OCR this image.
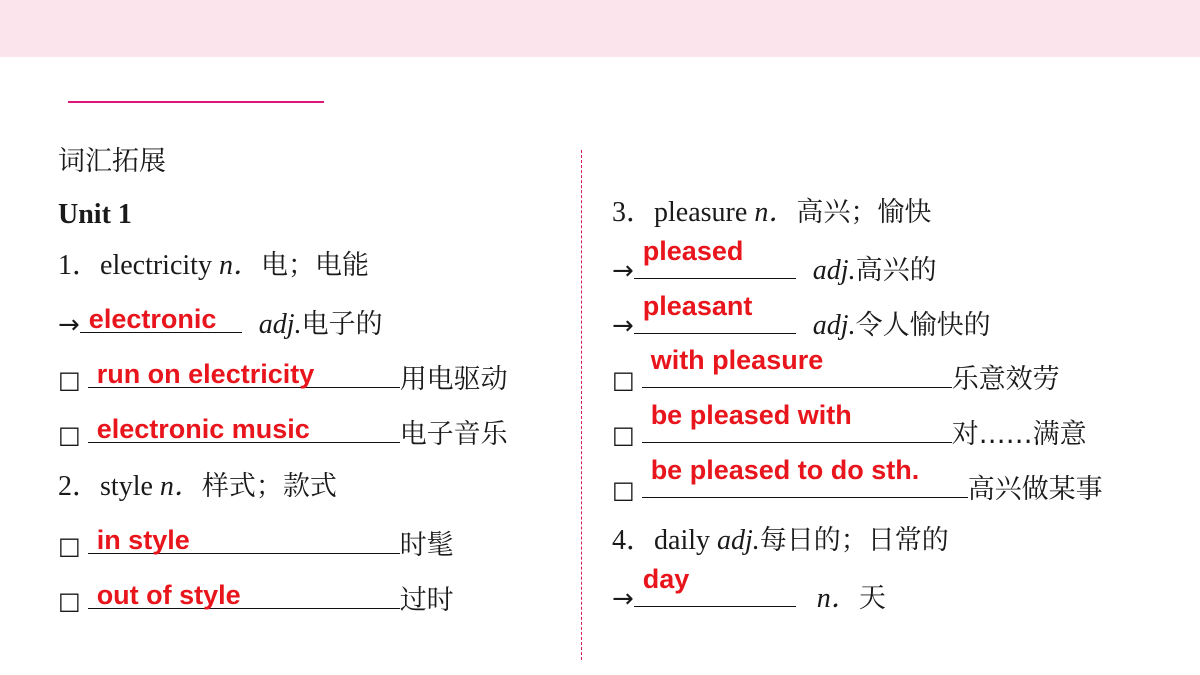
词汇拓展
Unit 1
1．electricity n．电；电能
→ electronic adj.电子的
□ run on electricity	用电驱动
□ electronic music	电子音乐
2．style n．样式；款式
□ in style	时髦
□ out of style	过时
3．pleasure n．高兴；愉快
→
pleased
adj.高兴的
→
pleasant
adj.令人愉快的
□
with pleasure
乐意效劳
□
be pleased with
对……满意
□
be pleased to do sth.
高兴做某事
4．daily adj.每日的；日常的
→
day
n．天
